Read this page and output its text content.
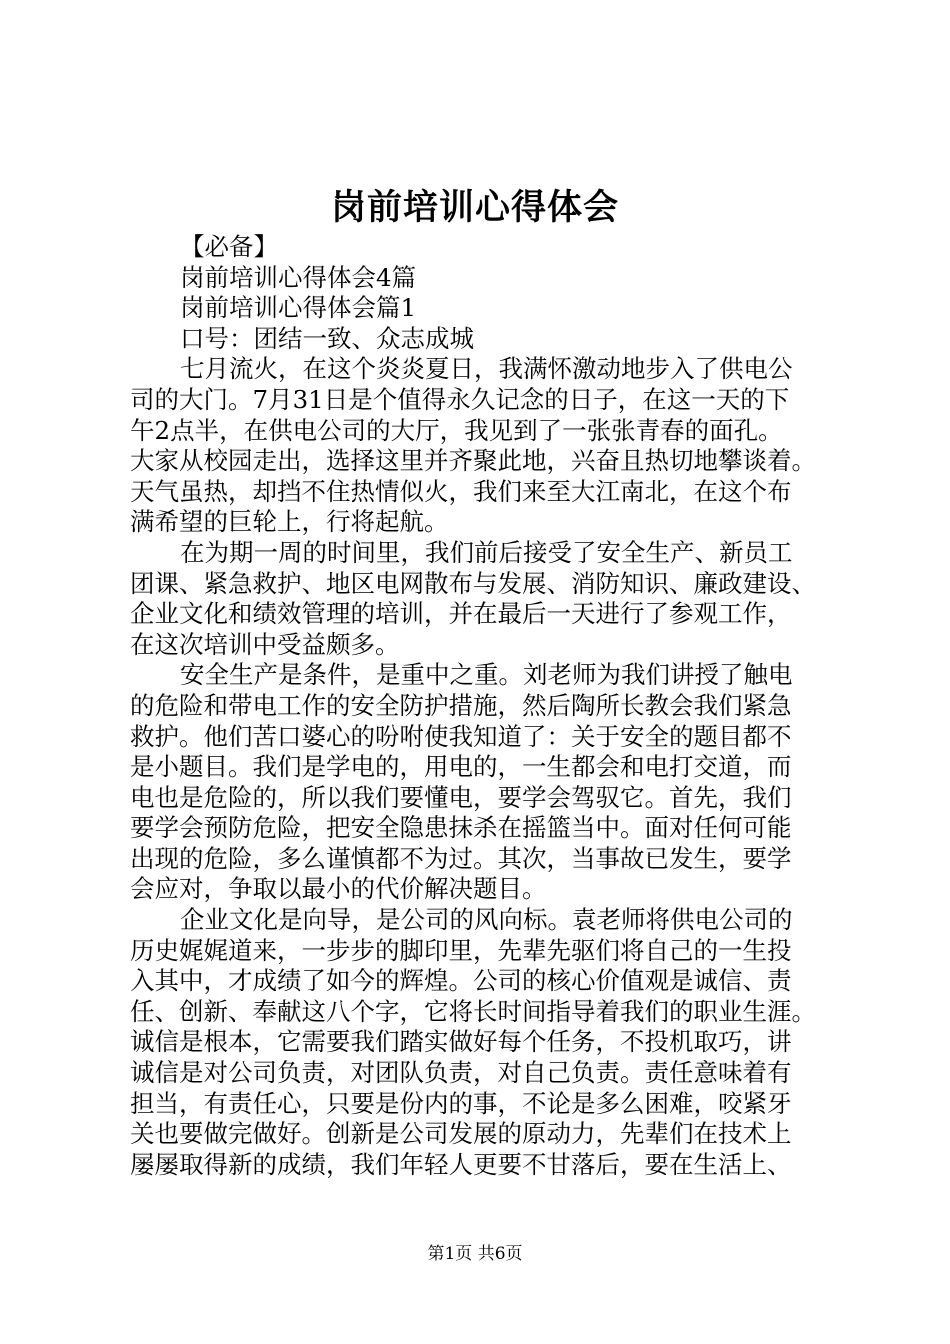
岗前培训心得体会
【必备】
岗前培训心得体会4篇
岗前培训心得体会篇1
口号：团结一致、众志成城
七月流火，在这个炎炎夏日，我满怀激动地步入了供电公
司的大门。7月31日是个值得永久记念的日子，在这一天的下
午2点半，在供电公司的大厅，我见到了一张张青春的面孔。
大家从校园走出，选择这里并齐聚此地，兴奋且热切地攀谈着。
天气虽热，却挡不住热情似火，我们来至大江南北，在这个布
满希望的巨轮上，行将起航。
在为期一周的时间里，我们前后接受了安全生产、新员工
团课、紧急救护、地区电网散布与发展、消防知识、廉政建设、
企业文化和绩效管理的培训，并在最后一天进行了参观工作，
在这次培训中受益颇多。
安全生产是条件，是重中之重。刘老师为我们讲授了触电
的危险和带电工作的安全防护措施，然后陶所长教会我们紧急
救护。他们苦口婆心的吩咐使我知道了：关于安全的题目都不
是小题目。我们是学电的，用电的，一生都会和电打交道，而
电也是危险的，所以我们要懂电，要学会驾驭它。首先，我们
要学会预防危险，把安全隐患抹杀在摇篮当中。面对任何可能
出现的危险，多么谨慎都不为过。其次，当事故已发生，要学
会应对，争取以最小的代价解决题目。
企业文化是向导，是公司的风向标。袁老师将供电公司的
历史娓娓道来，一步步的脚印里，先辈先驱们将自己的一生投
入其中，才成绩了如今的辉煌。公司的核心价值观是诚信、责
任、创新、奉献这八个字，它将长时间指导着我们的职业生涯。
诚信是根本，它需要我们踏实做好每个任务，不投机取巧，讲
诚信是对公司负责，对团队负责，对自己负责。责任意味着有
担当，有责任心，只要是份内的事，不论是多么困难，咬紧牙
关也要做完做好。创新是公司发展的原动力，先辈们在技术上
屡屡取得新的成绩，我们年轻人更要不甘落后，要在生活上、
第1页 共6页
